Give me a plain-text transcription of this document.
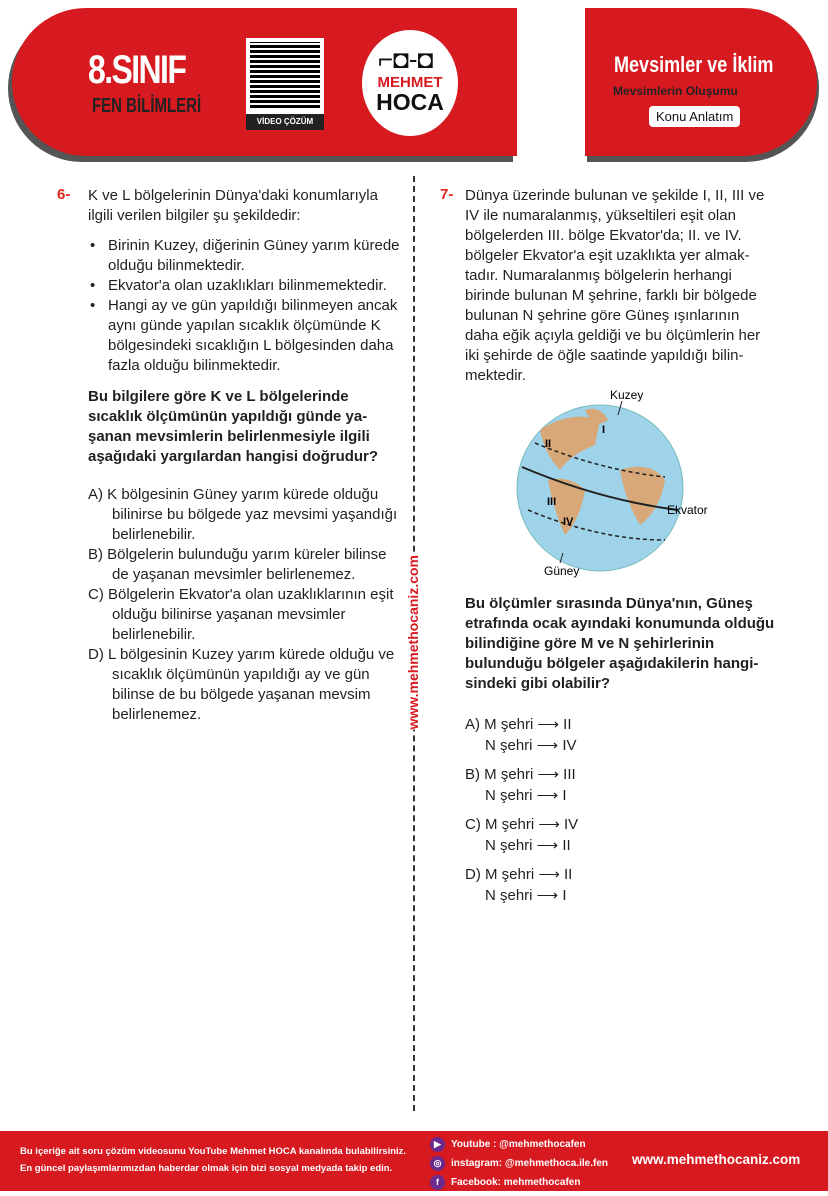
8.SINIF
FEN BİLİMLERİ
VİDEO ÇÖZÜM
⌐◘-◘
MEHMET
HOCA
Mevsimler ve İklim
Mevsimlerin Oluşumu
Konu Anlatım
www.mehmethocaniz.com
6- K ve L bölgelerinin Dünya'daki konumlarıyla ilgili verilen bilgiler şu şekildedir:
• Birinin Kuzey, diğerinin Güney yarım kürede olduğu bilinmektedir.
• Ekvator'a olan uzaklıkları bilinmemektedir.
• Hangi ay ve gün yapıldığı bilinmeyen ancak aynı günde yapılan sıcaklık ölçümünde K bölgesindeki sıcaklığın L bölgesinden daha fazla olduğu bilinmektedir.
Bu bilgilere göre K ve L bölgelerinde sıcaklık ölçümünün yapıldığı günde yaşanan mevsimlerin belirlenmesiyle ilgili aşağıdaki yargılardan hangisi doğrudur?
A) K bölgesinin Güney yarım kürede olduğu bilinirse bu bölgede yaz mevsimi yaşandığı belirlenebilir.
B) Bölgelerin bulunduğu yarım küreler bilinse de yaşanan mevsimler belirlenemez.
C) Bölgelerin Ekvator'a olan uzaklıklarının eşit olduğu bilinirse yaşanan mevsimler belirlenebilir.
D) L bölgesinin Kuzey yarım kürede olduğu ve sıcaklık ölçümünün yapıldığı ay ve gün bilinse de bu bölgede yaşanan mevsim belirlenemez.
7- Dünya üzerinde bulunan ve şekilde I, II, III ve IV ile numaralanmış, yükseltileri eşit olan bölgelerden III. bölge Ekvator'da; II. ve IV. bölgeler Ekvator'a eşit uzaklıkta yer almaktadır. Numaralanmış bölgelerin herhangi birinde bulunan M şehrine, farklı bir bölgede bulunan N şehrine göre Güneş ışınlarının daha eğik açıyla geldiği ve bu ölçümlerin her iki şehirde de öğle saatinde yapıldığı bilinmektedir.
Kuzey
Güney
Ekvator
I
II
III
IV
Bu ölçümler sırasında Dünya'nın, Güneş etrafında ocak ayındaki konumunda olduğu bilindiğine göre M ve N şehirlerinin bulunduğu bölgeler aşağıdakilerin hangisindeki gibi olabilir?
A) M şehri ⟶ II
N şehri ⟶ IV
B) M şehri ⟶ III
N şehri ⟶ I
C) M şehri ⟶ IV
N şehri ⟶ II
D) M şehri ⟶ II
N şehri ⟶ I
Bu içeriğe ait soru çözüm videosunu YouTube Mehmet HOCA kanalında bulabilirsiniz.
En güncel paylaşımlarımızdan haberdar olmak için bizi sosyal medyada takip edin.
▶ Youtube : @mehmethocafen
◎ instagram: @mehmethoca.ile.fen
f Facebook: mehmethocafen
www.mehmethocaniz.com
